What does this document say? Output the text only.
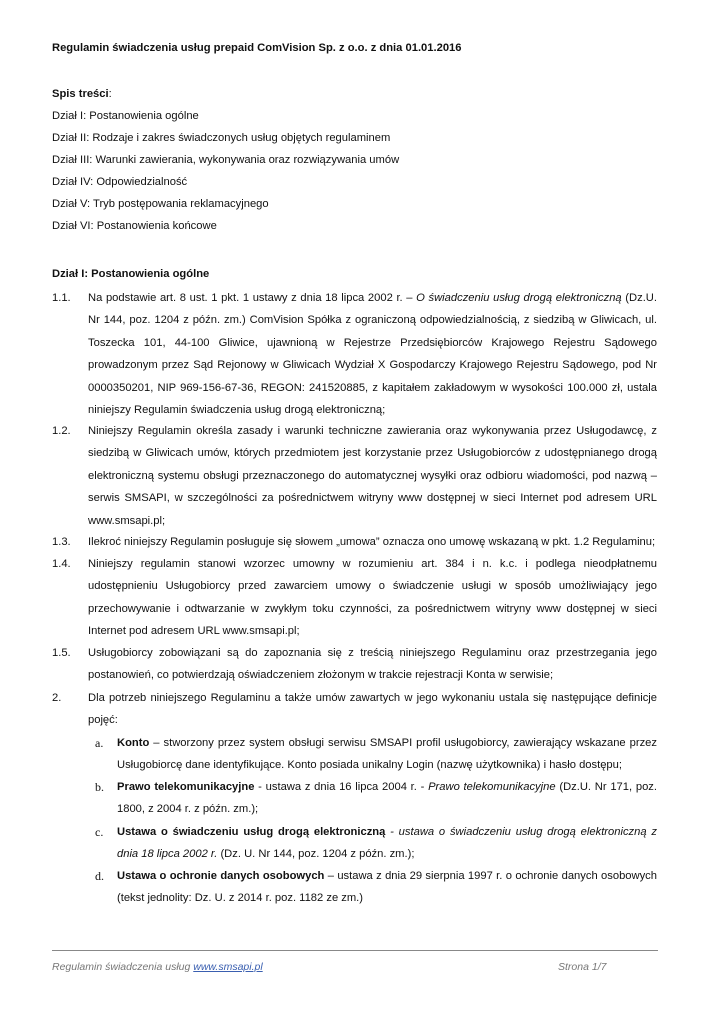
Regulamin świadczenia usług prepaid ComVision Sp. z o.o. z dnia 01.01.2016
Spis treści:
Dział I: Postanowienia ogólne
Dział II: Rodzaje i zakres świadczonych usług objętych regulaminem
Dział III: Warunki zawierania, wykonywania oraz rozwiązywania umów
Dział IV: Odpowiedzialność
Dział V: Tryb postępowania reklamacyjnego
Dział VI: Postanowienia końcowe
Dział I: Postanowienia ogólne
1.1. Na podstawie art. 8 ust. 1 pkt. 1 ustawy z dnia 18 lipca 2002 r. – O świadczeniu usług drogą elektroniczną (Dz.U. Nr 144, poz. 1204 z późn. zm.) ComVision Spółka z ograniczoną odpowiedzialnością, z siedzibą w Gliwicach, ul. Toszecka 101, 44-100 Gliwice, ujawnioną w Rejestrze Przedsiębiorców Krajowego Rejestru Sądowego prowadzonym przez Sąd Rejonowy w Gliwicach Wydział X Gospodarczy Krajowego Rejestru Sądowego, pod Nr 0000350201, NIP 969-156-67-36, REGON: 241520885, z kapitałem zakładowym w wysokości 100.000 zł, ustala niniejszy Regulamin świadczenia usług drogą elektroniczną;
1.2. Niniejszy Regulamin określa zasady i warunki techniczne zawierania oraz wykonywania przez Usługodawcę, z siedzibą w Gliwicach umów, których przedmiotem jest korzystanie przez Usługobiorców z udostępnianego drogą elektroniczną systemu obsługi przeznaczonego do automatycznej wysyłki oraz odbioru wiadomości, pod nazwą – serwis SMSAPI, w szczególności za pośrednictwem witryny www dostępnej w sieci Internet pod adresem URL www.smsapi.pl;
1.3. Ilekroć niniejszy Regulamin posługuje się słowem „umowa” oznacza ono umowę wskazaną w pkt. 1.2 Regulaminu;
1.4. Niniejszy regulamin stanowi wzorzec umowny w rozumieniu art. 384 i n. k.c. i podlega nieodpłatnemu udostępnieniu Usługobiorcy przed zawarciem umowy o świadczenie usługi w sposób umożliwiający jego przechowywanie i odtwarzanie w zwykłym toku czynności, za pośrednictwem witryny www dostępnej w sieci Internet pod adresem URL www.smsapi.pl;
1.5. Usługobiorcy zobowiązani są do zapoznania się z treścią niniejszego Regulaminu oraz przestrzegania jego postanowień, co potwierdzają oświadczeniem złożonym w trakcie rejestracji Konta w serwisie;
2. Dla potrzeb niniejszego Regulaminu a także umów zawartych w jego wykonaniu ustala się następujące definicje pojęć:
a. Konto – stworzony przez system obsługi serwisu SMSAPI profil usługobiorcy, zawierający wskazane przez Usługobiorcę dane identyfikujące. Konto posiada unikalny Login (nazwę użytkownika) i hasło dostępu;
b. Prawo telekomunikacyjne - ustawa z dnia 16 lipca 2004 r. - Prawo telekomunikacyjne (Dz.U. Nr 171, poz. 1800, z 2004 r. z późn. zm.);
c. Ustawa o świadczeniu usług drogą elektroniczną - ustawa o świadczeniu usług drogą elektroniczną z dnia 18 lipca 2002 r. (Dz. U. Nr 144, poz. 1204 z późn. zm.);
d. Ustawa o ochronie danych osobowych – ustawa z dnia 29 sierpnia 1997 r. o ochronie danych osobowych (tekst jednolity: Dz. U. z 2014 r. poz. 1182 ze zm.)
Regulamin świadczenia usług www.smsapi.pl	Strona 1/7
